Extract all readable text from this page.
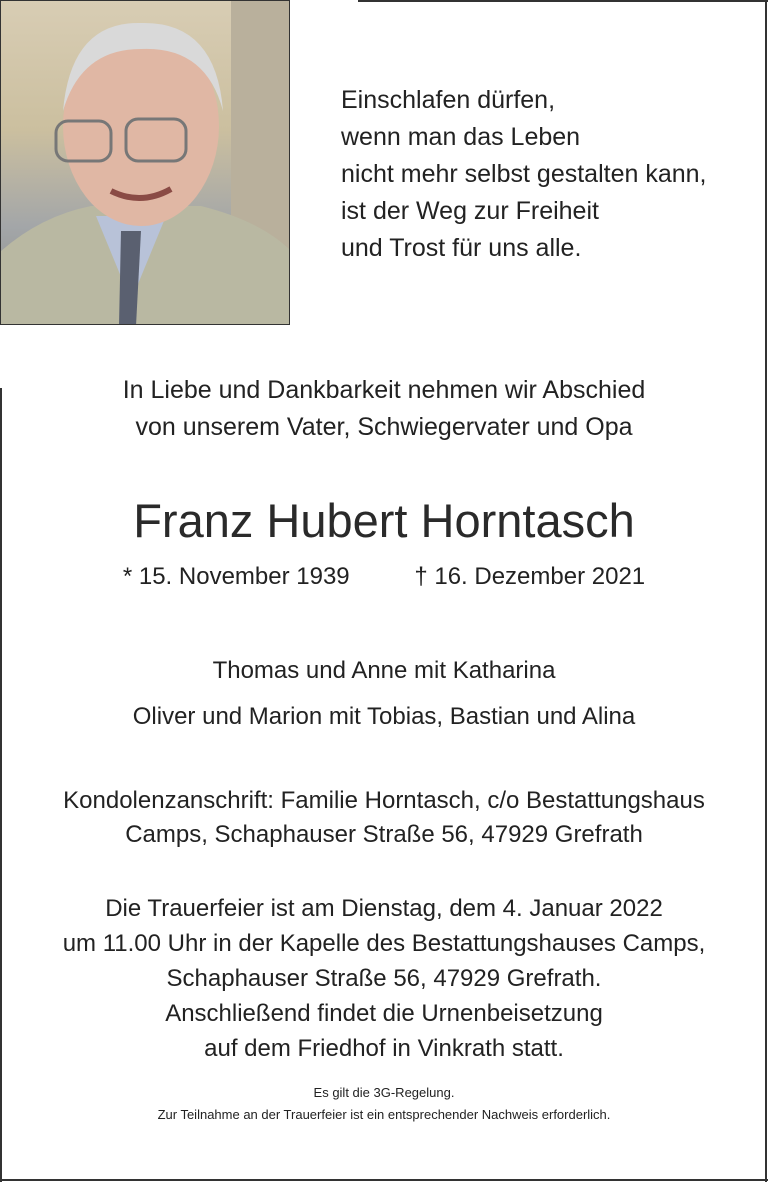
Einschlafen dürfen,
wenn man das Leben
nicht mehr selbst gestalten kann,
ist der Weg zur Freiheit
und Trost für uns alle.
In Liebe und Dankbarkeit nehmen wir Abschied
von unserem Vater, Schwiegervater und Opa
Franz Hubert Horntasch
* 15. November 1939	† 16. Dezember 2021
Thomas und Anne mit Katharina
Oliver und Marion mit Tobias, Bastian und Alina
Kondolenzanschrift: Familie Horntasch, c/o Bestattungshaus
Camps, Schaphauser Straße 56, 47929 Grefrath
Die Trauerfeier ist am Dienstag, dem 4. Januar 2022
um 11.00 Uhr in der Kapelle des Bestattungshauses Camps,
Schaphauser Straße 56, 47929 Grefrath.
Anschließend findet die Urnenbeisetzung
auf dem Friedhof in Vinkrath statt.
Es gilt die 3G-Regelung.
Zur Teilnahme an der Trauerfeier ist ein entsprechender Nachweis erforderlich.
